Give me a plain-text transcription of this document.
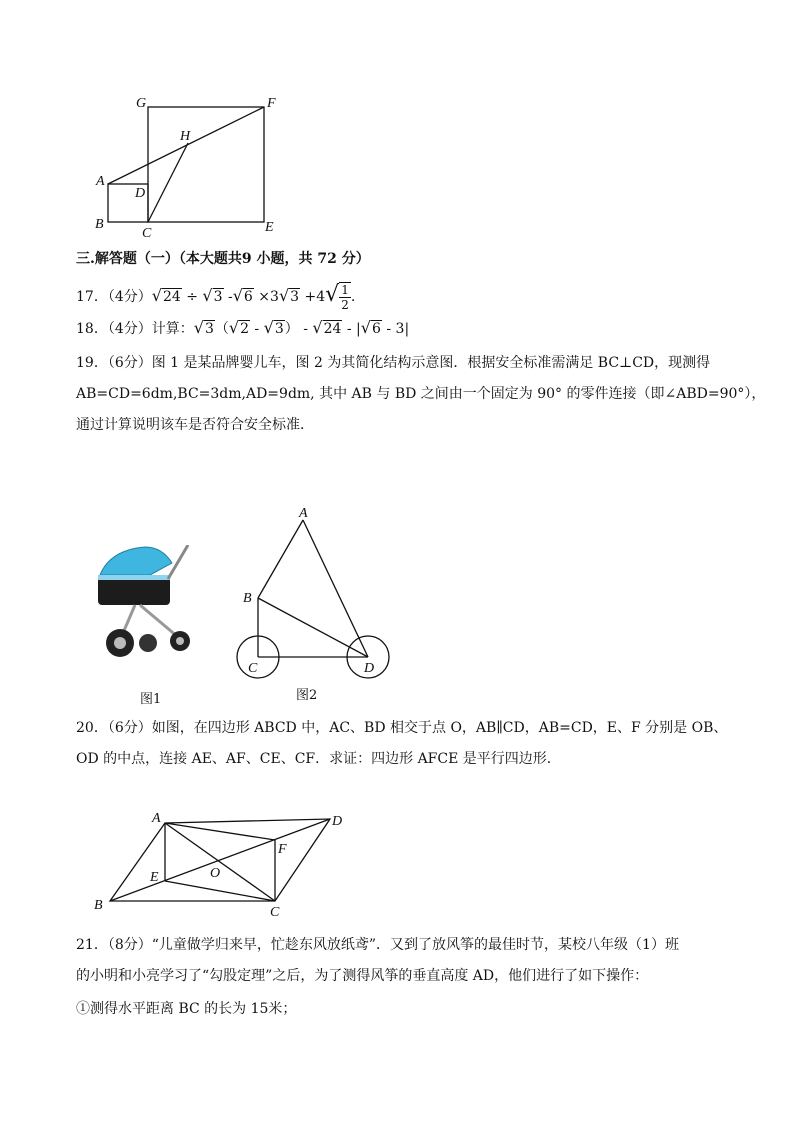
G	F
H
A
D
B
C	E
三.解答题（一）（本大题共9 小题，共 72 分）
17．（4分）√24 ÷ √3 $-√6 \times 3√3 +4√ \frac{1}{2}$ .
18．（4分）计算：√3（√2 - √3） - √24 - |√6 - 3|
19．（6分）图 1 是某品牌婴儿车，图 2 为其简化结构示意图．根据安全标准需满足 BC⊥CD，现测得
AB=CD=6dm,BC=3dm,AD=9dm, 其中 AB 与 BD 之间由一个固定为 90° 的零件连接（即∠ABD=90°），
通过计算说明该车是否符合安全标准．
图1
A
B
C	D
图2
20．（6分）如图，在四边形 ABCD 中，AC、BD 相交于点 O，AB∥CD，AB=CD，E、F 分别是 OB、
OD 的中点，连接 AE、AF、CE、CF．求证：四边形 AFCE 是平行四边形．
A	D
F
O
E
B	C
21．（8分）“儿童做学归来早，忙趁东风放纸鸢”．又到了放风筝的最佳时节，某校八年级（1）班
的小明和小亮学习了“勾股定理”之后，为了测得风筝的垂直高度 AD，他们进行了如下操作：
①测得水平距离 BC 的长为 15米；
